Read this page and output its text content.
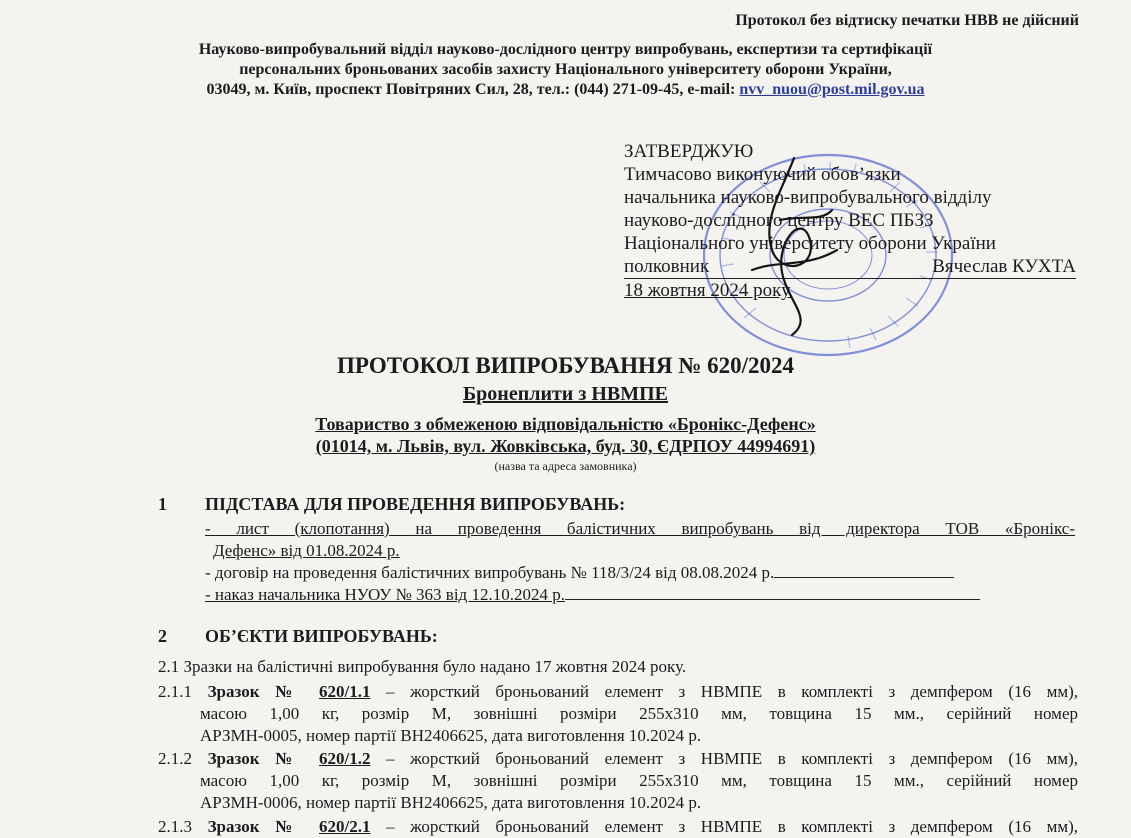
Протокол без відтиску печатки НВВ не дійсний
Науково-випробувальний відділ науково-дослідного центру випробувань, експертизи та сертифікації
персональних броньованих засобів захисту Національного університету оборони України,
03049, м. Київ, проспект Повітряних Сил, 28, тел.: (044) 271-09-45, e-mail: nvv_nuou@post.mil.gov.ua
ЗАТВЕРДЖУЮ
Тимчасово виконуючий обов’язки
начальника науково-випробувального відділу
науково-дослідного центру ВЕС ПБЗЗ
Національного університету оборони України
полковник	Вячеслав КУХТА
18 жовтня 2024 року
ПРОТОКОЛ ВИПРОБУВАННЯ № 620/2024
Бронеплити з НВМПЕ
Товариство з обмеженою відповідальністю «Бронікс-Дефенс»
(01014, м. Львів, вул. Жовківська, буд. 30, ЄДРПОУ 44994691)
(назва та адреса замовника)
1 ПІДСТАВА ДЛЯ ПРОВЕДЕННЯ ВИПРОБУВАНЬ:
- лист (клопотання) на проведення балістичних випробувань від директора ТОВ «Бронікс-
Дефенс» від 01.08.2024 р.
- договір на проведення балістичних випробувань № 118/3/24 від 08.08.2024 р.
- наказ начальника НУОУ № 363 від 12.10.2024 р.
2 ОБ’ЄКТИ ВИПРОБУВАНЬ:
2.1 Зразки на балістичні випробування було надано 17 жовтня 2024 року.
2.1.1 Зразок № 620/1.1 – жорсткий броньований елемент з НВМПЕ в комплекті з демпфером (16 мм),
масою 1,00 кг, розмір М, зовнішні розміри 255х310 мм, товщина 15 мм., серійний номер
АРЗМН-0005, номер партії ВН2406625, дата виготовлення 10.2024 р.
2.1.2 Зразок № 620/1.2 – жорсткий броньований елемент з НВМПЕ в комплекті з демпфером (16 мм),
масою 1,00 кг, розмір М, зовнішні розміри 255х310 мм, товщина 15 мм., серійний номер
АРЗМН-0006, номер партії ВН2406625, дата виготовлення 10.2024 р.
2.1.3 Зразок № 620/2.1 – жорсткий броньований елемент з НВМПЕ в комплекті з демпфером (16 мм),
